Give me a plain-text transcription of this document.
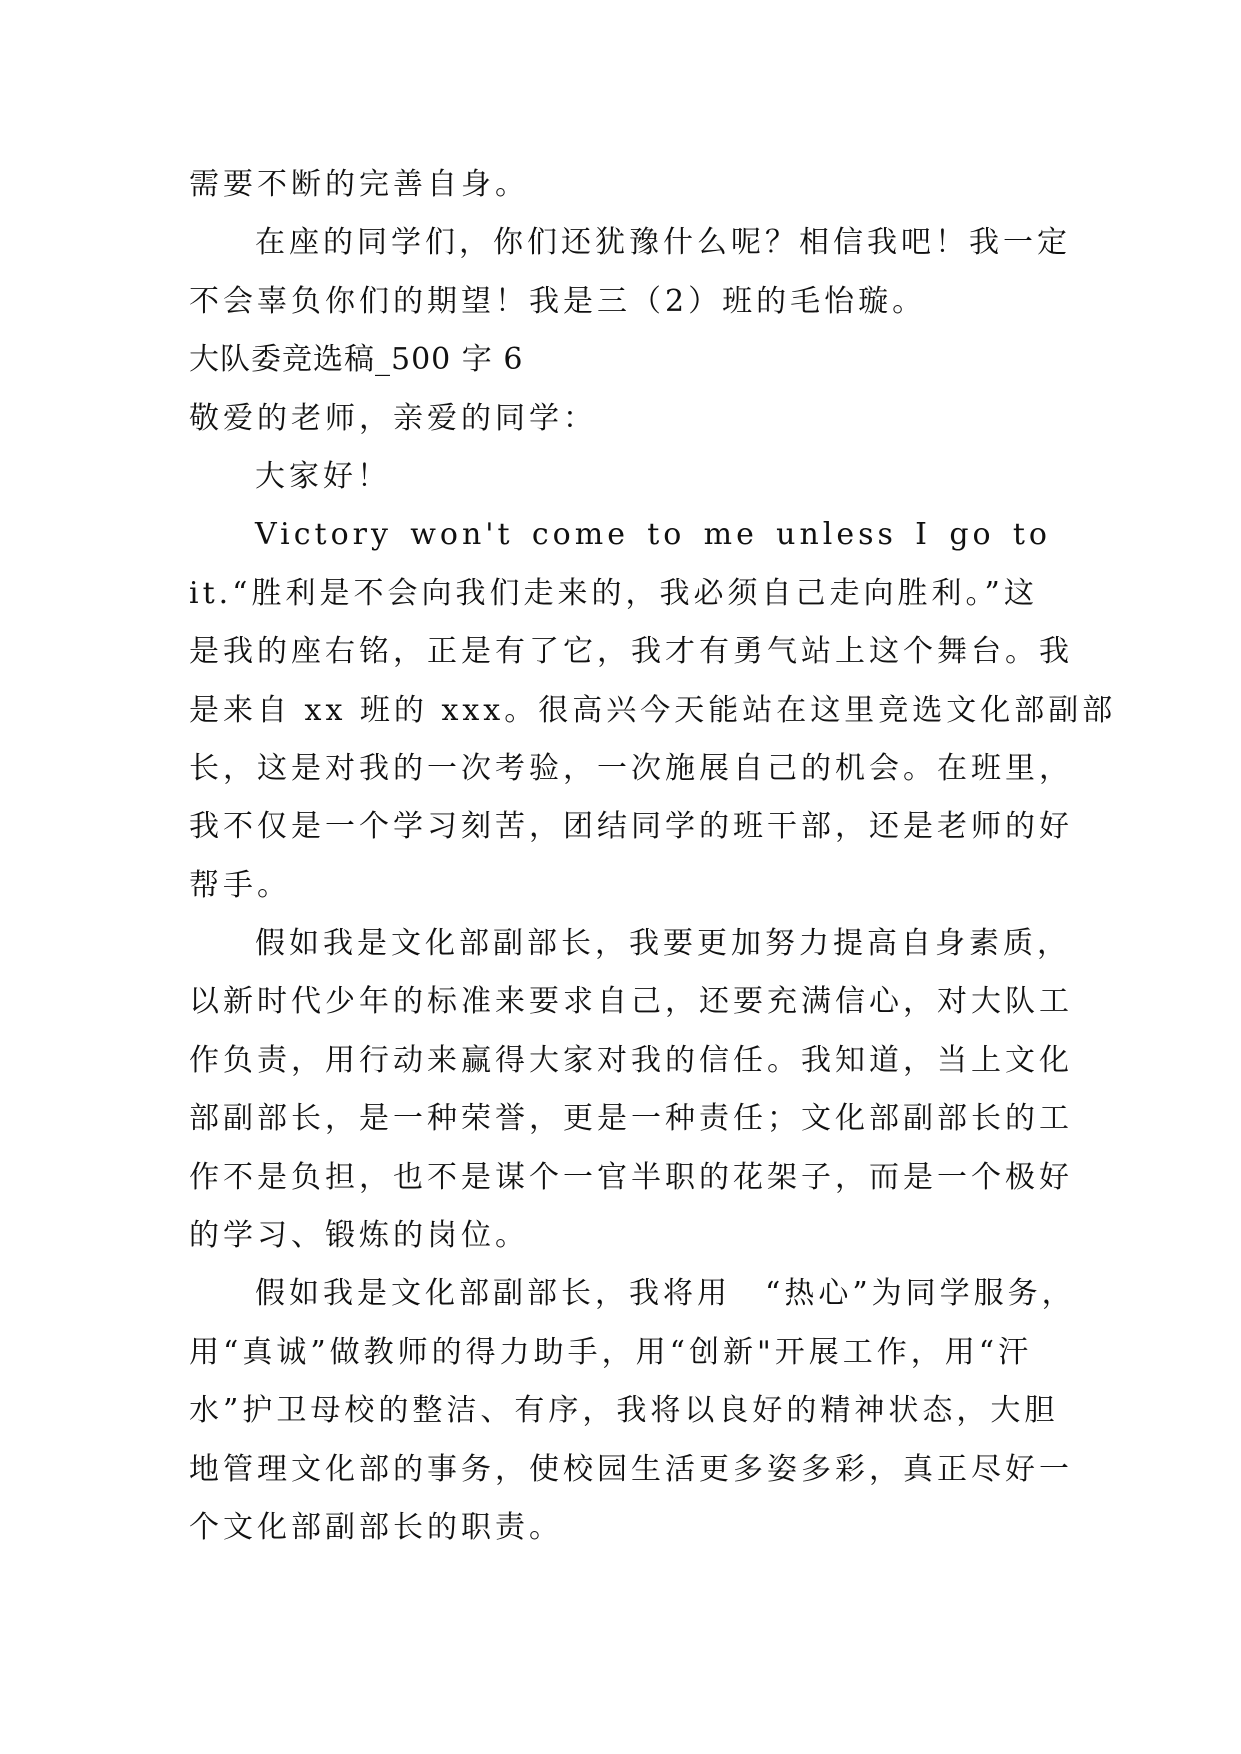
需要不断的完善自身。
在座的同学们，你们还犹豫什么呢？相信我吧！我一定
不会辜负你们的期望！我是三（2）班的毛怡璇。
大队委竞选稿_500 字 6
敬爱的老师，亲爱的同学：
大家好！
Victory won't come to me unless I go to
it.“胜利是不会向我们走来的，我必须自己走向胜利。”这
是我的座右铭，正是有了它，我才有勇气站上这个舞台。我
是来自 xx 班的 xxx。很高兴今天能站在这里竞选文化部副部
长，这是对我的一次考验，一次施展自己的机会。在班里，
我不仅是一个学习刻苦，团结同学的班干部，还是老师的好
帮手。
假如我是文化部副部长，我要更加努力提高自身素质，
以新时代少年的标准来要求自己，还要充满信心，对大队工
作负责，用行动来赢得大家对我的信任。我知道，当上文化
部副部长，是一种荣誉，更是一种责任；文化部副部长的工
作不是负担，也不是谋个一官半职的花架子，而是一个极好
的学习、锻炼的岗位。
假如我是文化部副部长，我将用　“热心”为同学服务，
用“真诚”做教师的得力助手，用“创新"开展工作，用“汗
水”护卫母校的整洁、有序，我将以良好的精神状态，大胆
地管理文化部的事务，使校园生活更多姿多彩，真正尽好一
个文化部副部长的职责。
